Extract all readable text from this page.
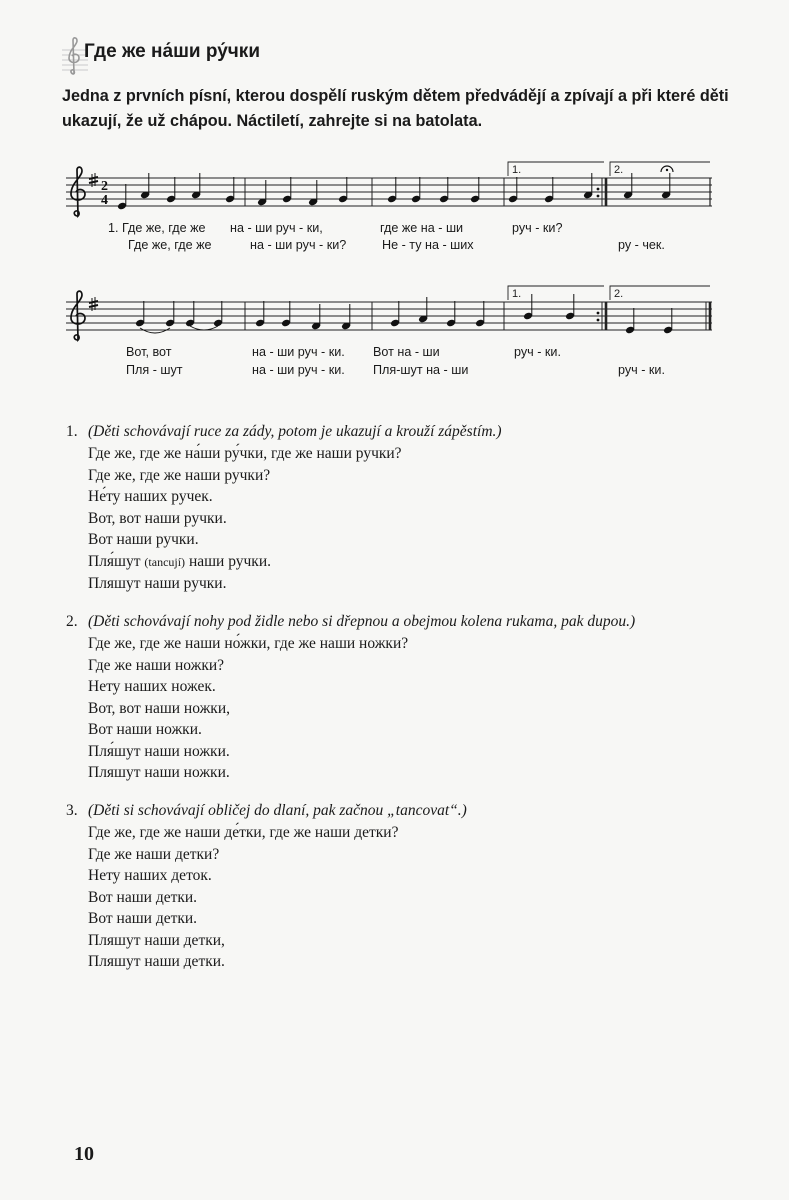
Где же на́ши ру́чки
Jedna z prvních písní, kterou dospělí ruským dětem předvádějí a zpívají a při které děti ukazují, že už chápou. Náctiletí, zahrejte si na batolata.
2
4
1.	2.
1. Где же, где же на - ши руч - ки,	где же на - ши	руч - ки?
Где же, где же	на - ши руч - ки?	Не - ту на - ших	ру - чек.
1.	2.
Вот, вот	на - ши руч - ки. Вот на - ши	руч - ки.
Пля - шут	на - ши руч - ки. Пля-шут на - ши	руч - ки.
1. (Děti schovávají ruce za zády, potom je ukazují a krouží zápěstím.)
Где же, где же на́ши ру́чки, где же наши ручки?
Где же, где же наши ручки?
Не́ту наших ручек.
Вот, вот наши ручки.
Вот наши ручки.
Пля́шут (tancují) наши ручки.
Пляшут наши ручки.
2. (Děti schovávají nohy pod židle nebo si dřepnou a obejmou kolena rukama, pak dupou.)
Где же, где же наши но́жки, где же наши ножки?
Где же наши ножки?
Нету наших ножек.
Вот, вот наши ножки,
Вот наши ножки.
Пля́шут наши ножки.
Пляшут наши ножки.
3. (Děti si schovávají obličej do dlaní, pak začnou „tancovat“.)
Где же, где же наши де́тки, где же наши детки?
Где же наши детки?
Нету наших деток.
Вот наши детки.
Вот наши детки.
Пляшут наши детки,
Пляшут наши детки.
10
